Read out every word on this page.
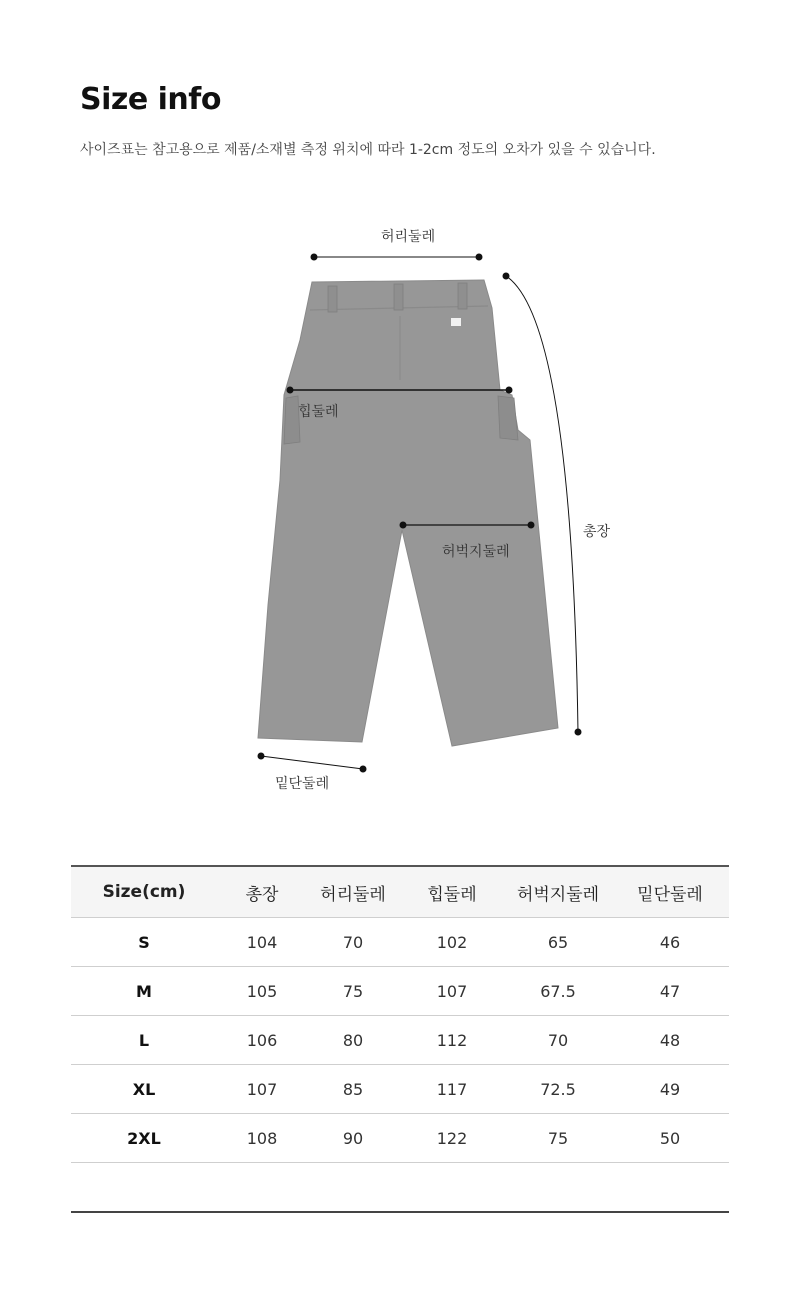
Size info

사이즈표는 참고용으로 제품/소재별 측정 위치에 따라 1-2cm 정도의 오차가 있을 수 있습니다.

허리둘레
힙둘레
허벅지둘레
총장
밑단둘레
Size(cm)	총장	허리둘레	힙둘레	허벅지둘레	밑단둘레
S	104	70	102	65	46
M	105	75	107	67.5	47
L	106	80	112	70	48
XL	107	85	117	72.5	49
2XL	108	90	122	75	50
